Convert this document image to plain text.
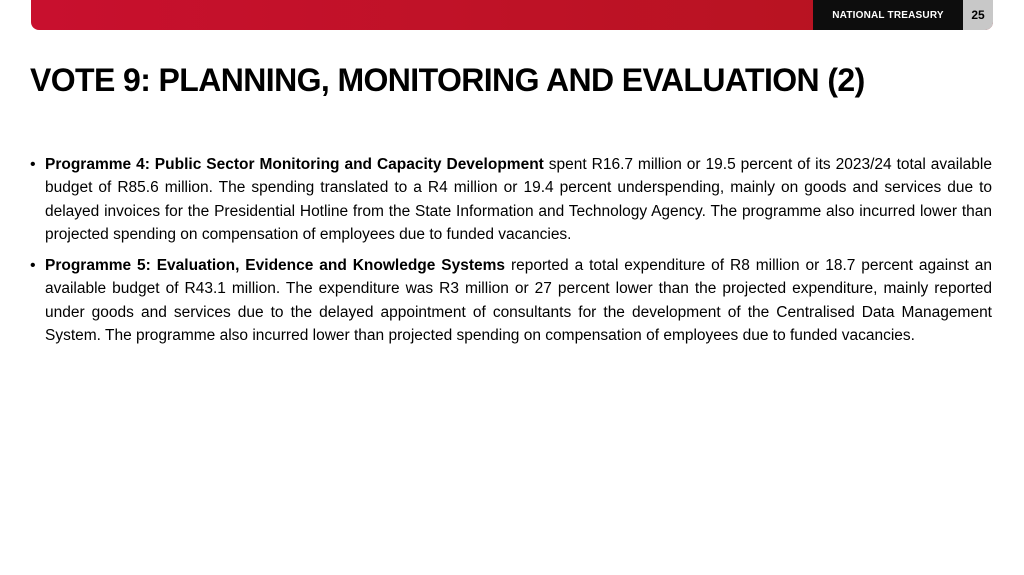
NATIONAL TREASURY	25
VOTE 9: PLANNING, MONITORING AND EVALUATION (2)
• Programme 4: Public Sector Monitoring and Capacity Development spent R16.7 million or 19.5 percent of its 2023/24 total available budget of R85.6 million. The spending translated to a R4 million or 19.4 percent underspending, mainly on goods and services due to delayed invoices for the Presidential Hotline from the State Information and Technology Agency. The programme also incurred lower than projected spending on compensation of employees due to funded vacancies.
• Programme 5: Evaluation, Evidence and Knowledge Systems reported a total expenditure of R8 million or 18.7 percent against an available budget of R43.1 million. The expenditure was R3 million or 27 percent lower than the projected expenditure, mainly reported under goods and services due to the delayed appointment of consultants for the development of the Centralised Data Management System. The programme also incurred lower than projected spending on compensation of employees due to funded vacancies.
